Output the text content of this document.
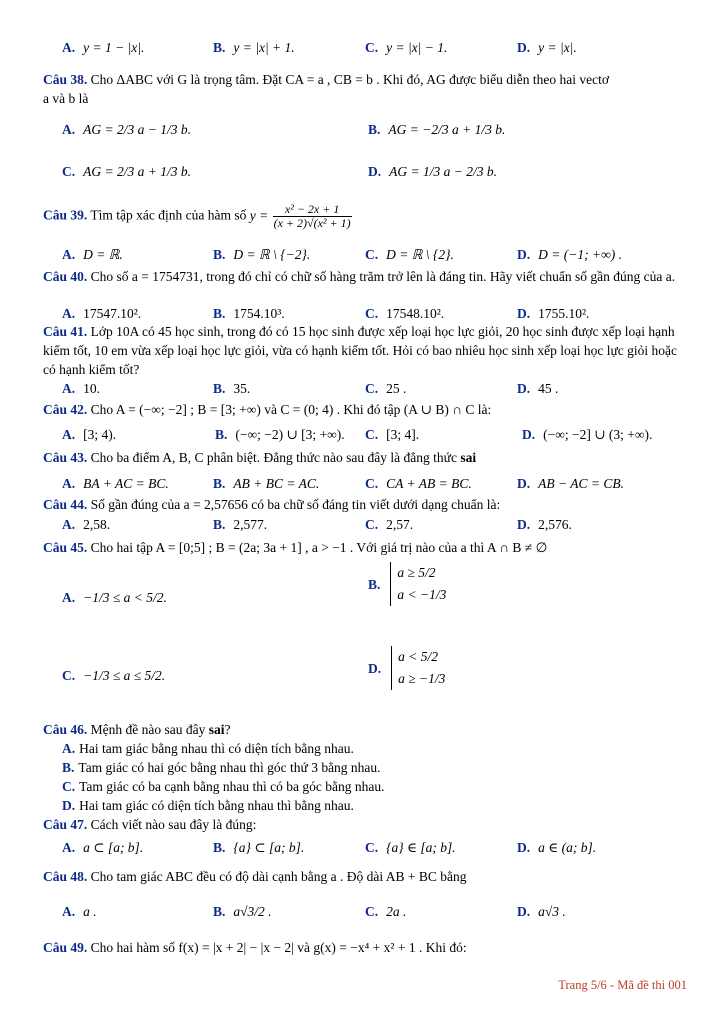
A. y = 1 − |x|.	B. y = |x| + 1.	C. y = |x| − 1.	D. y = |x|.
Câu 38. Cho ΔABC với G là trọng tâm. Đặt CA = a , CB = b . Khi đó, AG được biểu diễn theo hai vectơ
a và b là
A. AG = 2/3 a − 1/3 b.	B. AG = −2/3 a + 1/3 b.
C. AG = 2/3 a + 1/3 b.	D. AG = 1/3 a − 2/3 b.
Câu 39. Tìm tập xác định của hàm số $y = \frac{\text{x² − 2x + 1}}{\text{(x + 2)√(x² + 1)}}$
A. D = ℝ.	B. D = ℝ \ {−2}.	C. D = ℝ \ {2}.	D. D = (−1; +∞) .
Câu 40. Cho số a = 1754731, trong đó chỉ có chữ số hàng trăm trở lên là đáng tin. Hãy viết chuẩn số gần đúng của a.
A. 17547.10².	B. 1754.10³.	C. 17548.10².	D. 1755.10².
Câu 41. Lớp 10A có 45 học sinh, trong đó có 15 học sinh được xếp loại học lực giỏi, 20 học sinh được xếp loại hạnh kiểm tốt, 10 em vừa xếp loại học lực giỏi, vừa có hạnh kiểm tốt. Hỏi có bao nhiêu học sinh xếp loại học lực giỏi hoặc có hạnh kiểm tốt?
A. 10.	B. 35.	C. 25 .	D. 45 .
Câu 42. Cho A = (−∞; −2] ; B = [3; +∞) và C = (0; 4) . Khi đó tập (A ∪ B) ∩ C là:
A. [3; 4).	B. (−∞; −2) ∪ [3; +∞). C. [3; 4].	D. (−∞; −2] ∪ (3; +∞).
Câu 43. Cho ba điểm A, B, C phân biệt. Đẳng thức nào sau đây là đẳng thức sai
A. BA + AC = BC.	B. AB + BC = AC.	C. CA + AB = BC.	D. AB − AC = CB.
Câu 44. Số gần đúng của a = 2,57656 có ba chữ số đáng tin viết dưới dạng chuẩn là:
A. 2,58.	B. 2,577.	C. 2,57.	D. 2,576.
Câu 45. Cho hai tập A = [0;5] ; B = (2a; 3a + 1] , a > −1 . Với giá trị nào của a thì A ∩ B ≠ ∅
A. −1/3 ≤ a < 5/2.
B.
a ≥ 5/2
a < −1/3
C. −1/3 ≤ a ≤ 5/2.	D.
a < 5/2
a ≥ −1/3
Câu 46. Mệnh đề nào sau đây sai?
A. Hai tam giác bằng nhau thì có diện tích bằng nhau.
B. Tam giác có hai góc bằng nhau thì góc thứ 3 bằng nhau.
C. Tam giác có ba cạnh bằng nhau thì có ba góc bằng nhau.
D. Hai tam giác có diện tích bằng nhau thì bằng nhau.
Câu 47. Cách viết nào sau đây là đúng:
A. a ⊂ [a; b].	B. {a} ⊂ [a; b].	C. {a} ∈ [a; b].	D. a ∈ (a; b].
Câu 48. Cho tam giác ABC đều có độ dài cạnh bằng a . Độ dài AB + BC bằng
A. a .	B. a√3/2 .	C. 2a .	D. a√3 .
Câu 49. Cho hai hàm số f(x) = |x + 2| − |x − 2| và g(x) = −x⁴ + x² + 1 . Khi đó:
Trang 5/6 - Mã đề thi 001
